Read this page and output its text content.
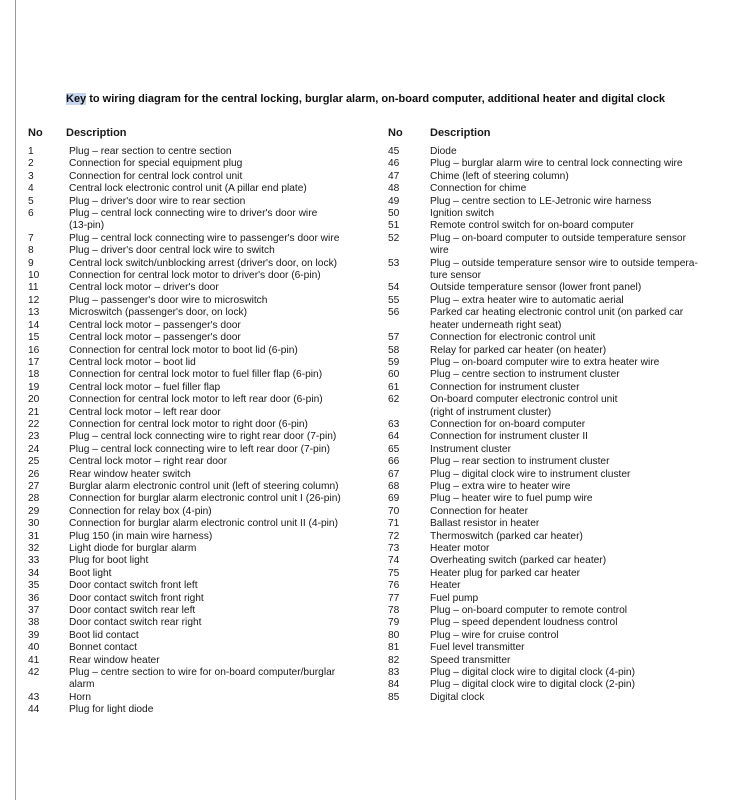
Key to wiring diagram for the central locking, burglar alarm, on-board computer, additional heater and digital clock
No	Description
1	Plug – rear section to centre section
2	Connection for special equipment plug
3	Connection for central lock control unit
4	Central lock electronic control unit (A pillar end plate)
5	Plug – driver's door wire to rear section
6	Plug – central lock connecting wire to driver's door wire
(13-pin)
7	Plug – central lock connecting wire to passenger's door wire
8	Plug – driver's door central lock wire to switch
9	Central lock switch/unblocking arrest (driver's door, on lock)
10	Connection for central lock motor to driver's door (6-pin)
11	Central lock motor – driver's door
12	Plug – passenger's door wire to microswitch
13	Microswitch (passenger's door, on lock)
14	Central lock motor – passenger's door
15	Central lock motor – passenger's door
16	Connection for central lock motor to boot lid (6-pin)
17	Central lock motor – boot lid
18	Connection for central lock motor to fuel filler flap (6-pin)
19	Central lock motor – fuel filler flap
20	Connection for central lock motor to left rear door (6-pin)
21	Central lock motor – left rear door
22	Connection for central lock motor to right door (6-pin)
23	Plug – central lock connecting wire to right rear door (7-pin)
24	Plug – central lock connecting wire to left rear door (7-pin)
25	Central lock motor – right rear door
26	Rear window heater switch
27	Burglar alarm electronic control unit (left of steering column)
28	Connection for burglar alarm electronic control unit I (26-pin)
29	Connection for relay box (4-pin)
30	Connection for burglar alarm electronic control unit II (4-pin)
31	Plug 150 (in main wire harness)
32	Light diode for burglar alarm
33	Plug for boot light
34	Boot light
35	Door contact switch front left
36	Door contact switch front right
37	Door contact switch rear left
38	Door contact switch rear right
39	Boot lid contact
40	Bonnet contact
41	Rear window heater
42	Plug – centre section to wire for on-board computer/burglar
alarm
43	Horn
44	Plug for light diode
No	Description
45	Diode
46	Plug – burglar alarm wire to central lock connecting wire
47	Chime (left of steering column)
48	Connection for chime
49	Plug – centre section to LE-Jetronic wire harness
50	Ignition switch
51	Remote control switch for on-board computer
52	Plug – on-board computer to outside temperature sensor
wire
53	Plug – outside temperature sensor wire to outside tempera-
ture sensor
54	Outside temperature sensor (lower front panel)
55	Plug – extra heater wire to automatic aerial
56	Parked car heating electronic control unit (on parked car
heater underneath right seat)
57	Connection for electronic control unit
58	Relay for parked car heater (on heater)
59	Plug – on-board computer wire to extra heater wire
60	Plug – centre section to instrument cluster
61	Connection for instrument cluster
62	On-board computer electronic control unit
(right of instrument cluster)
63	Connection for on-board computer
64	Connection for instrument cluster II
65	Instrument cluster
66	Plug – rear section to instrument cluster
67	Plug – digital clock wire to instrument cluster
68	Plug – extra wire to heater wire
69	Plug – heater wire to fuel pump wire
70	Connection for heater
71	Ballast resistor in heater
72	Thermoswitch (parked car heater)
73	Heater motor
74	Overheating switch (parked car heater)
75	Heater plug for parked car heater
76	Heater
77	Fuel pump
78	Plug – on-board computer to remote control
79	Plug – speed dependent loudness control
80	Plug – wire for cruise control
81	Fuel level transmitter
82	Speed transmitter
83	Plug – digital clock wire to digital clock (4-pin)
84	Plug – digital clock wire to digital clock (2-pin)
85	Digital clock
